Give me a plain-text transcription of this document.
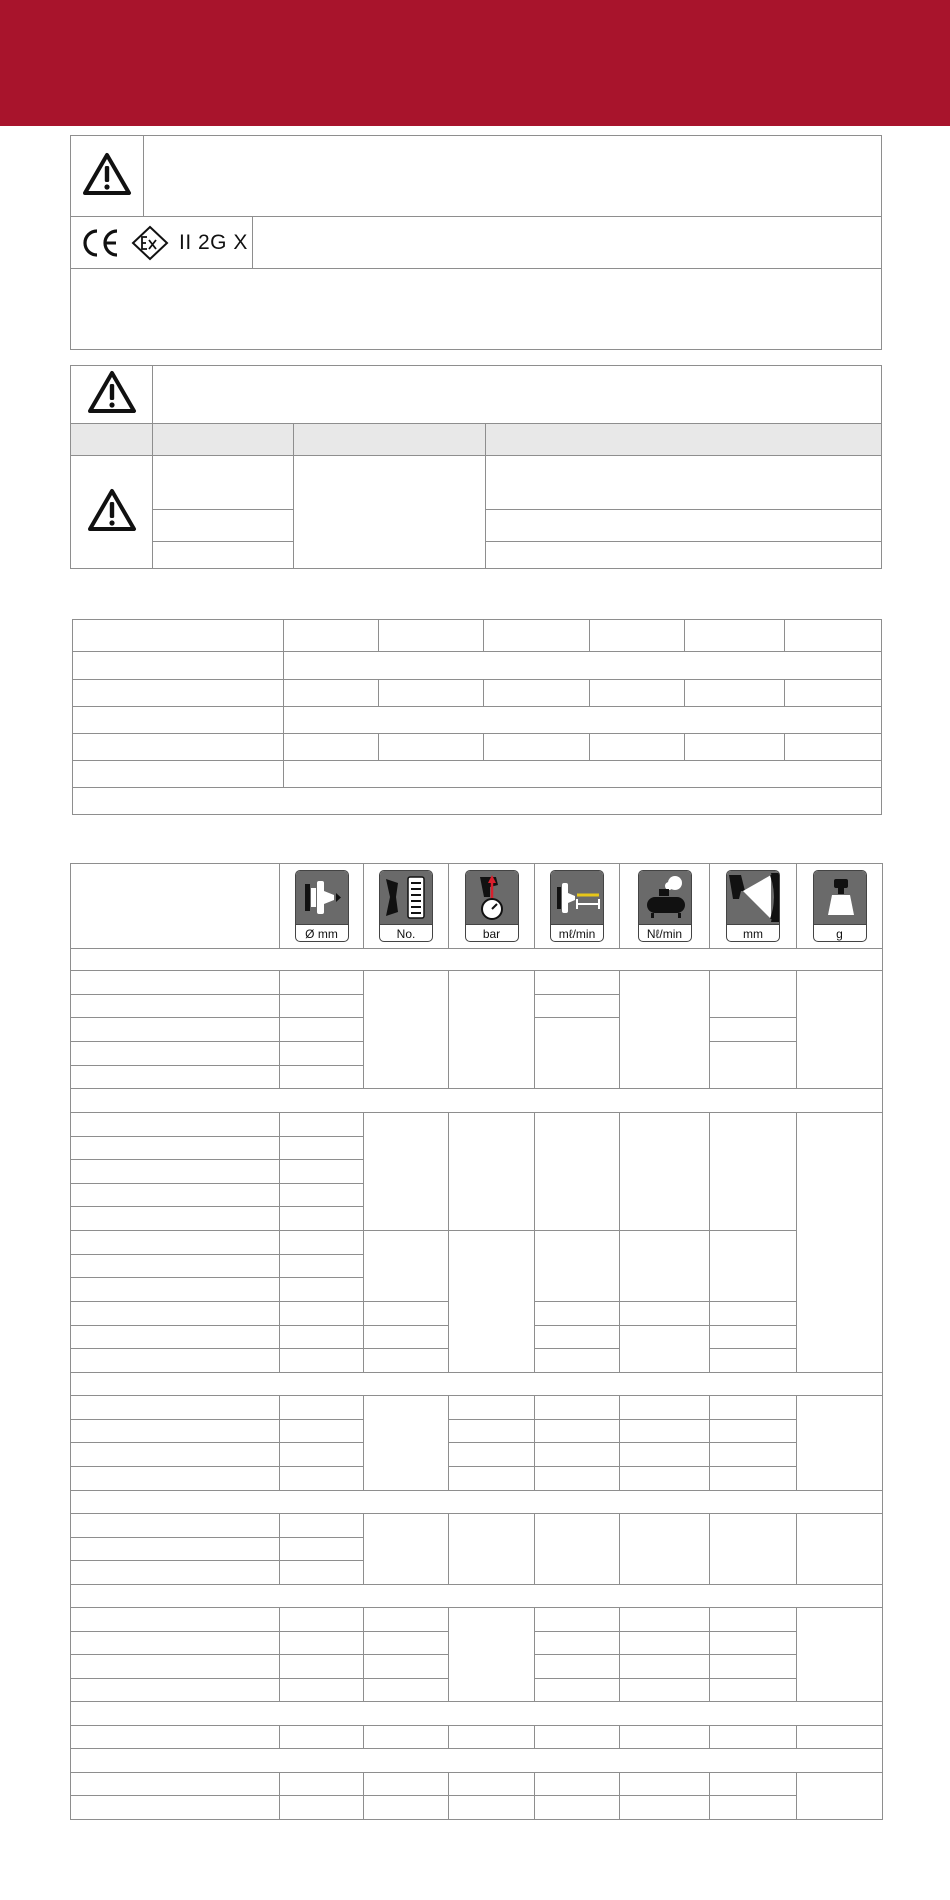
II 2G X		

	Ø mm	No.	bar	mℓ/min	Nℓ/min	mm	g
